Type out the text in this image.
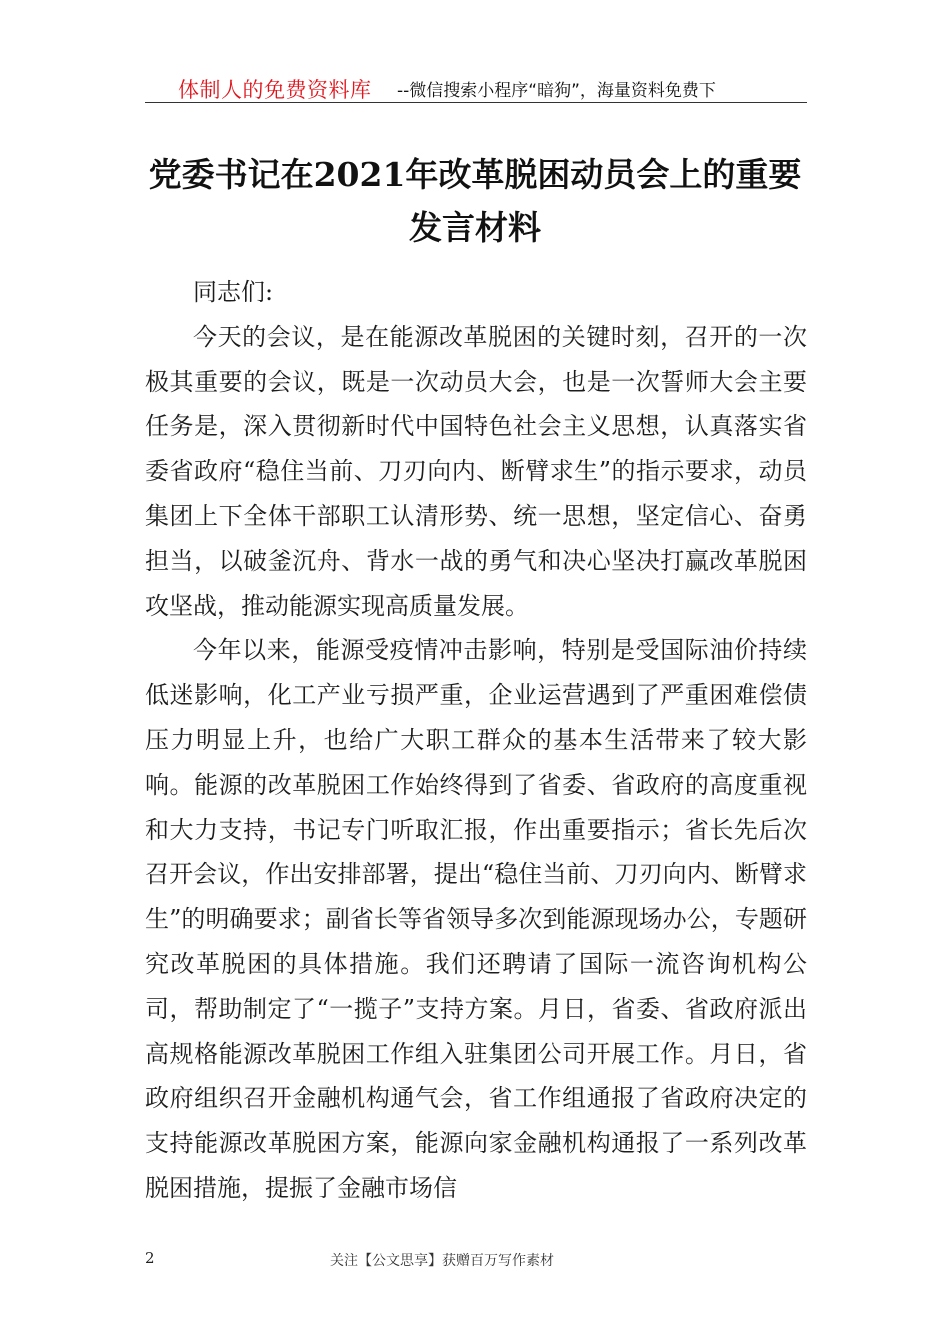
体制人的免费资料库 --微信搜索小程序“暗狗”，海量资料免费下
党委书记在2021年改革脱困动员会上的重要发言材料

同志们:

今天的会议，是在能源改革脱困的关键时刻，召开的一次极其重要的会议，既是一次动员大会，也是一次誓师大会主要任务是，深入贯彻新时代中国特色社会主义思想，认真落实省委省政府“稳住当前、刀刃向内、断臂求生”的指示要求，动员集团上下全体干部职工认清形势、统一思想，坚定信心、奋勇担当，以破釜沉舟、背水一战的勇气和决心坚决打赢改革脱困攻坚战，推动能源实现高质量发展。

今年以来，能源受疫情冲击影响，特别是受国际油价持续低迷影响，化工产业亏损严重，企业运营遇到了严重困难偿债压力明显上升，也给广大职工群众的基本生活带来了较大影响。能源的改革脱困工作始终得到了省委、省政府的高度重视和大力支持，书记专门听取汇报，作出重要指示；省长先后次召开会议，作出安排部署，提出“稳住当前、刀刃向内、断臂求生”的明确要求；副省长等省领导多次到能源现场办公，专题研究改革脱困的具体措施。我们还聘请了国际一流咨询机构公司，帮助制定了“一揽子”支持方案。月日，省委、省政府派出高规格能源改革脱困工作组入驻集团公司开展工作。月日，省政府组织召开金融机构通气会，省工作组通报了省政府决定的支持能源改革脱困方案，能源向家金融机构通报了一系列改革脱困措施，提振了金融市场信

2	关注【公文思享】获赠百万写作素材
